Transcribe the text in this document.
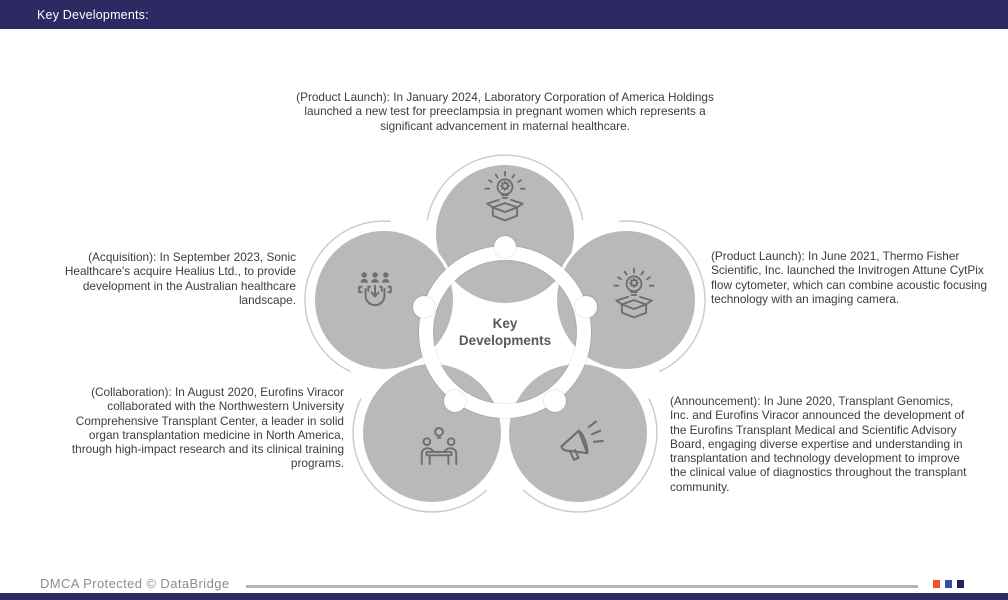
Key Developments:
Key Developments
(Product Launch): In January 2024, Laboratory Corporation of America Holdings launched a new test for preeclampsia in pregnant women which represents a significant advancement in maternal healthcare.
(Acquisition): In September 2023, Sonic Healthcare's acquire Healius Ltd., to provide development in the Australian healthcare landscape.
(Product Launch): In June 2021, Thermo Fisher Scientific, Inc. launched the Invitrogen Attune CytPix flow cytometer, which can combine acoustic focusing technology with an imaging camera.
(Collaboration): In August 2020, Eurofins Viracor collaborated with the Northwestern University Comprehensive Transplant Center, a leader in solid organ transplantation medicine in North America, through high-impact research and its clinical training programs.
(Announcement): In June 2020, Transplant Genomics, Inc. and Eurofins Viracor announced the development of the Eurofins Transplant Medical and Scientific Advisory Board, engaging diverse expertise and understanding in transplantation and technology development to improve the clinical value of diagnostics throughout the transplant community.
DMCA Protected © DataBridge
